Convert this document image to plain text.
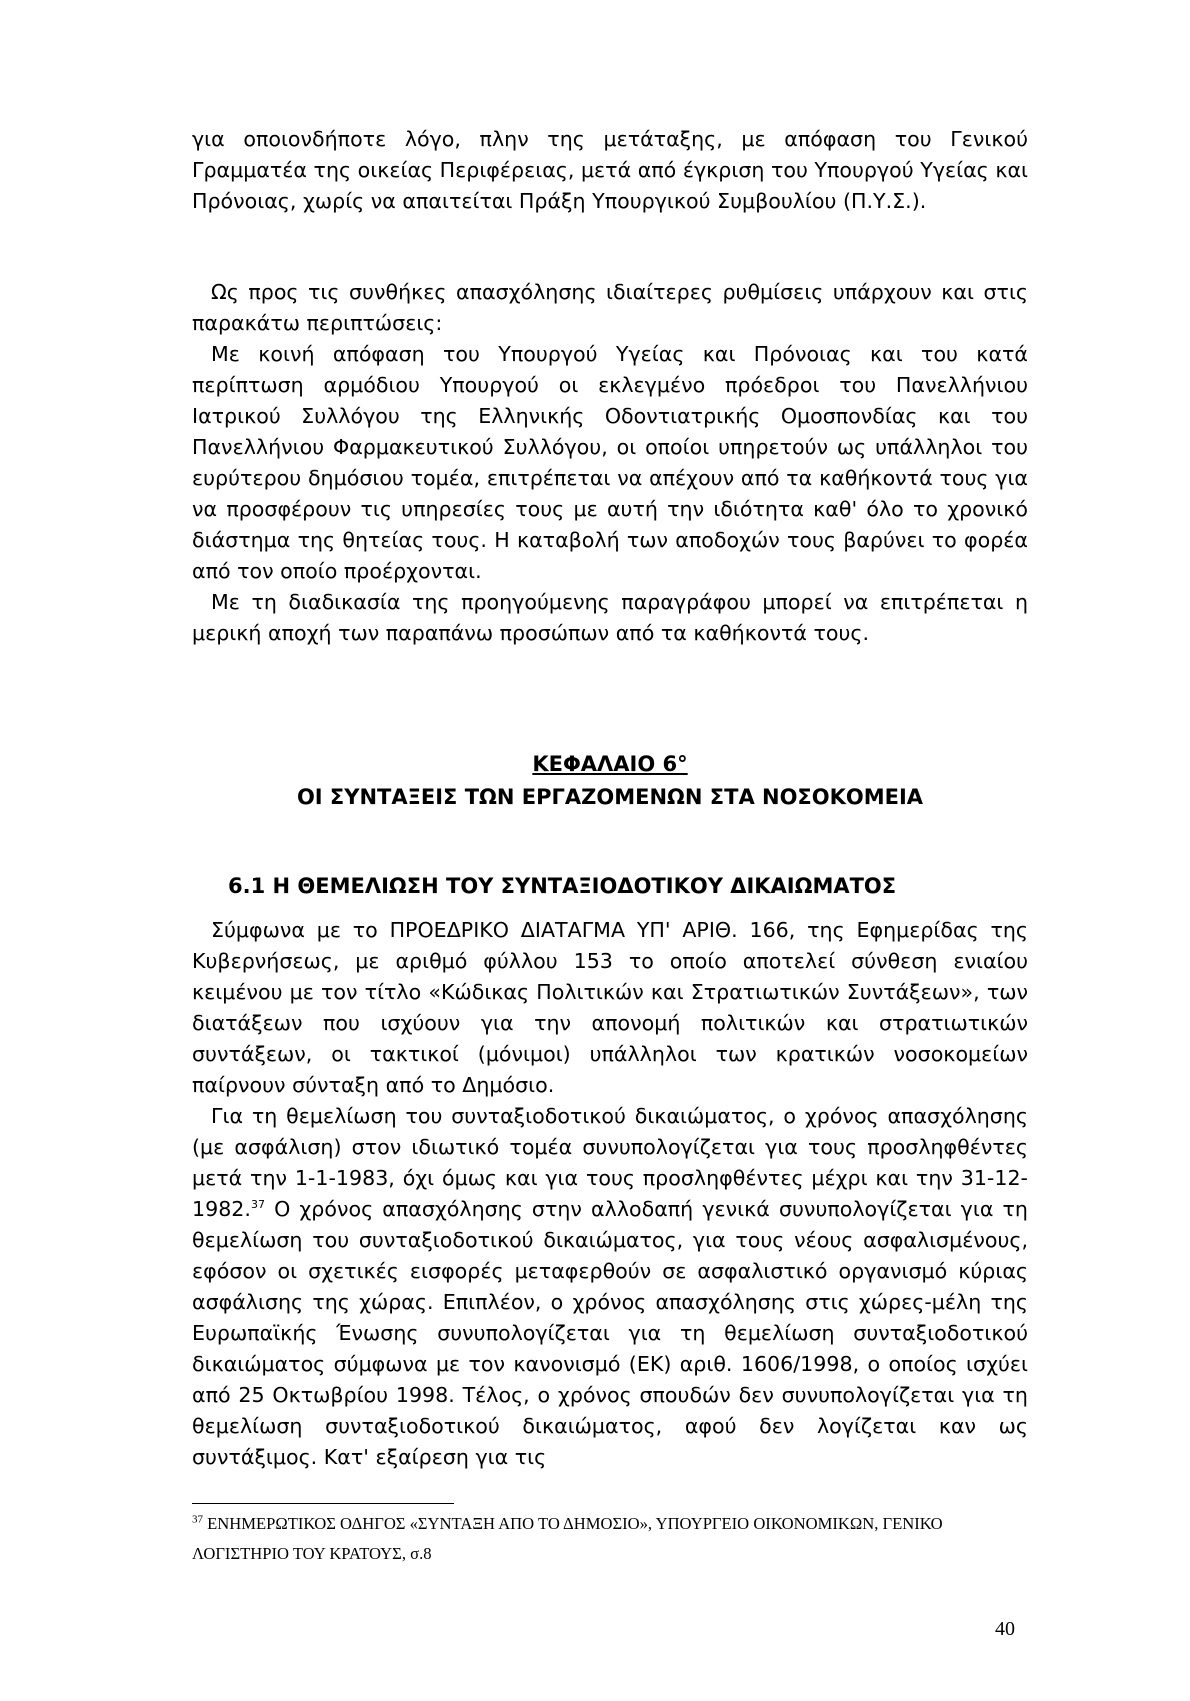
για οποιονδήποτε λόγο, πλην της μετάταξης, με απόφαση του Γενικού Γραμματέα της οικείας Περιφέρειας, μετά από έγκριση του Υπουργού Υγείας και Πρόνοιας, χωρίς να απαιτείται Πράξη Υπουργικού Συμβουλίου (Π.Υ.Σ.).

Ως προς τις συνθήκες απασχόλησης ιδιαίτερες ρυθμίσεις υπάρχουν και στις παρακάτω περιπτώσεις:

Με κοινή απόφαση του Υπουργού Υγείας και Πρόνοιας και του κατά περίπτωση αρμόδιου Υπουργού οι εκλεγμένο πρόεδροι του Πανελλήνιου Ιατρικού Συλλόγου της Ελληνικής Οδοντιατρικής Ομοσπονδίας και του Πανελλήνιου Φαρμακευτικού Συλλόγου, οι οποίοι υπηρετούν ως υπάλληλοι του ευρύτερου δημόσιου τομέα, επιτρέπεται να απέχουν από τα καθήκοντά τους για να προσφέρουν τις υπηρεσίες τους με αυτή την ιδιότητα καθ' όλο το χρονικό διάστημα της θητείας τους. Η καταβολή των αποδοχών τους βαρύνει το φορέα από τον οποίο προέρχονται.

Με τη διαδικασία της προηγούμενης παραγράφου μπορεί να επιτρέπεται η μερική αποχή των παραπάνω προσώπων από τα καθήκοντά τους.

ΚΕΦΑΛΑΙΟ 6°
ΟΙ ΣΥΝΤΑΞΕΙΣ ΤΩΝ ΕΡΓΑΖΟΜΕΝΩΝ ΣΤΑ ΝΟΣΟΚΟΜΕΙΑ
6.1 Η ΘΕΜΕΛΙΩΣΗ ΤΟΥ ΣΥΝΤΑΞΙΟΔΟΤΙΚΟΥ ΔΙΚΑΙΩΜΑΤΟΣ

Σύμφωνα με το ΠΡΟΕΔΡΙΚΟ ΔΙΑΤΑΓΜΑ ΥΠ' ΑΡΙΘ. 166, της Εφημερίδας της Κυβερνήσεως, με αριθμό φύλλου 153 το οποίο αποτελεί σύνθεση ενιαίου κειμένου με τον τίτλο «Κώδικας Πολιτικών και Στρατιωτικών Συντάξεων», των διατάξεων που ισχύουν για την απονομή πολιτικών και στρατιωτικών συντάξεων, οι τακτικοί (μόνιμοι) υπάλληλοι των κρατικών νοσοκομείων παίρνουν σύνταξη από το Δημόσιο.

Για τη θεμελίωση του συνταξιοδοτικού δικαιώματος, ο χρόνος απασχόλησης (με ασφάλιση) στον ιδιωτικό τομέα συνυπολογίζεται για τους προσληφθέντες μετά την 1-1-1983, όχι όμως και για τους προσληφθέντες μέχρι και την 31-12-1982.37 Ο χρόνος απασχόλησης στην αλλοδαπή γενικά συνυπολογίζεται για τη θεμελίωση του συνταξιοδοτικού δικαιώματος, για τους νέους ασφαλισμένους, εφόσον οι σχετικές εισφορές μεταφερθούν σε ασφαλιστικό οργανισμό κύριας ασφάλισης της χώρας. Επιπλέον, ο χρόνος απασχόλησης στις χώρες-μέλη της Ευρωπαϊκής Ένωσης συνυπολογίζεται για τη θεμελίωση συνταξιοδοτικού δικαιώματος σύμφωνα με τον κανονισμό (ΕΚ) αριθ. 1606/1998, ο οποίος ισχύει από 25 Οκτωβρίου 1998. Τέλος, ο χρόνος σπουδών δεν συνυπολογίζεται για τη θεμελίωση συνταξιοδοτικού δικαιώματος, αφού δεν λογίζεται καν ως συντάξιμος. Κατ' εξαίρεση για τις

$^{37}$ ΕΝΗΜΕΡΩΤΙΚΟΣ ΟΔΗΓΟΣ «ΣΥΝΤΑΞΗ ΑΠΟ ΤΟ ΔΗΜΟΣΙΟ», ΥΠΟΥΡΓΕΙΟ ΟΙΚΟΝΟΜΙΚΩΝ, ΓΕΝΙΚΟ ΛΟΓΙΣΤΗΡΙΟ ΤΟΥ ΚΡΑΤΟΥΣ, σ.8

40
